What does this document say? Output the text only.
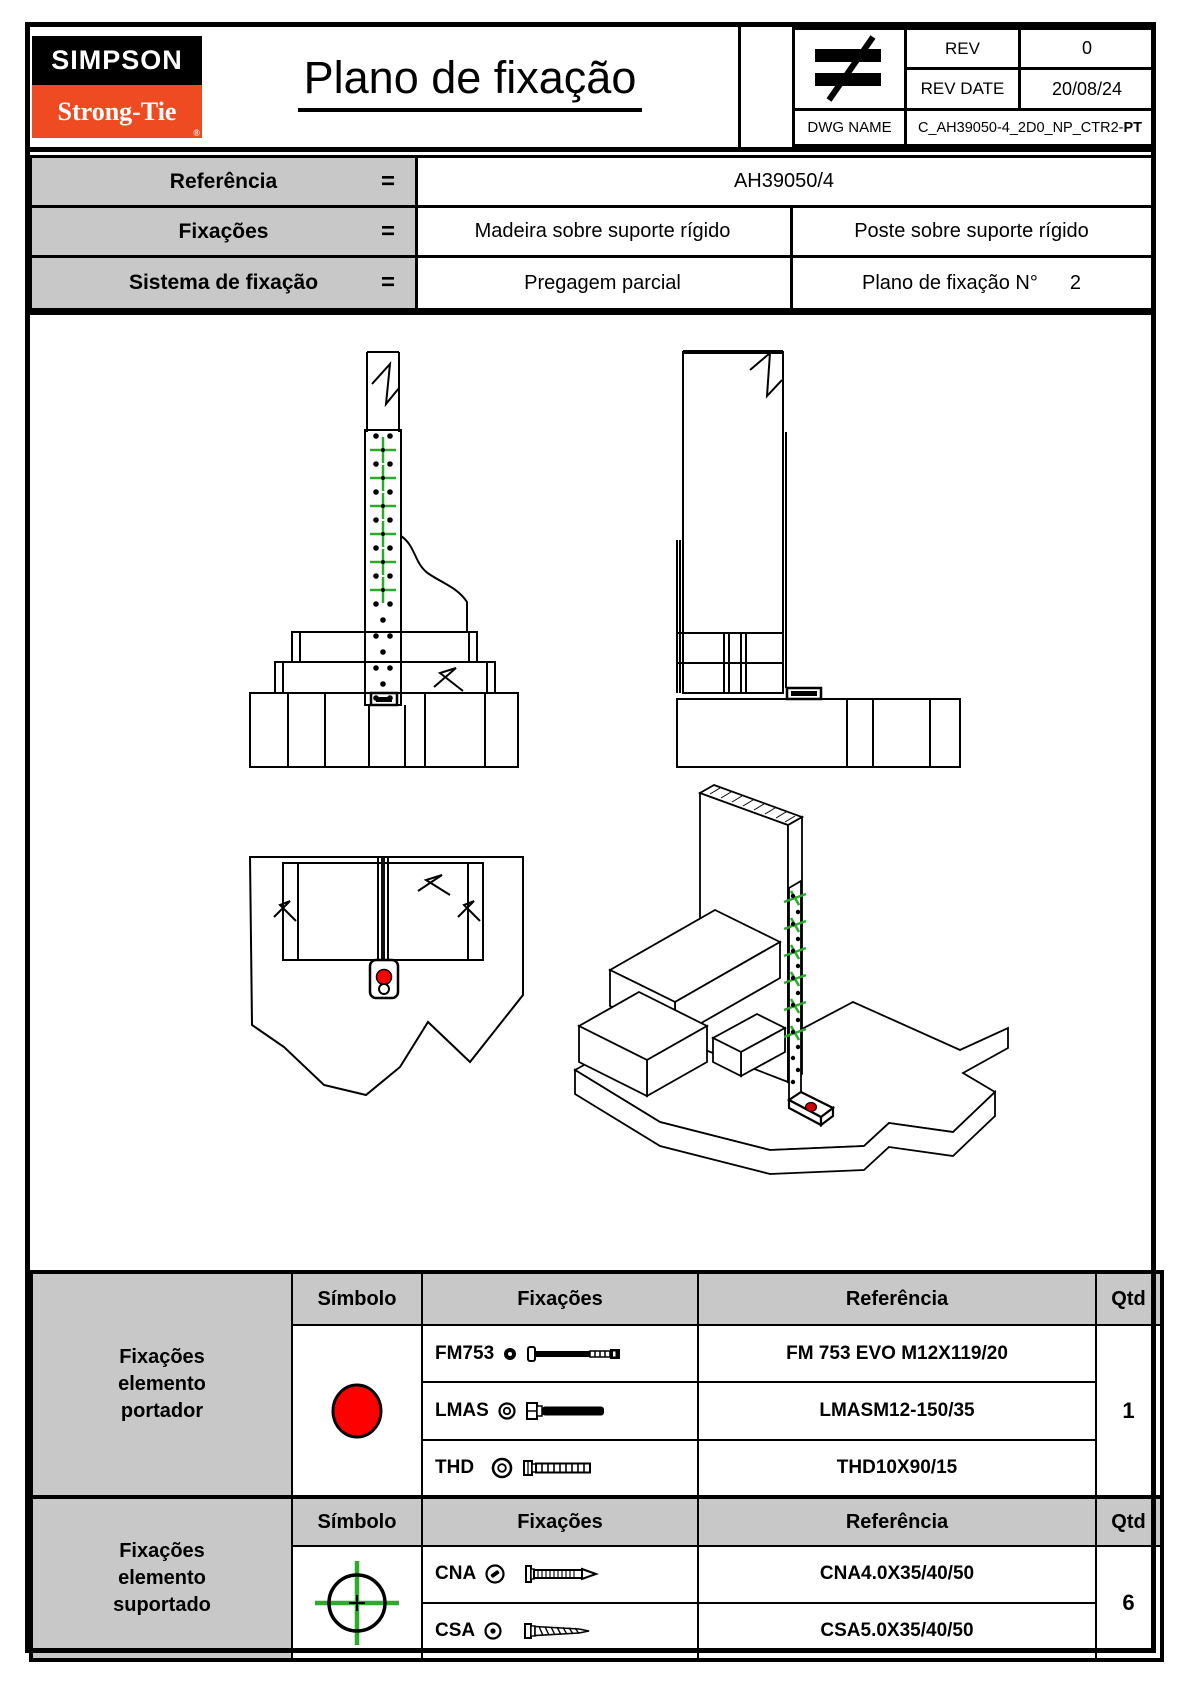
SIMPSON
Strong-Tie
®
Plano de fixação
REV	0
REV DATE	20/08/24
DWG NAME C_AH39050-4_2D0_NP_CTR2- PT
Referência	=	AH39050/4
Fixações	=	Madeira sobre suporte rígido	Poste sobre suporte rígido
Sistema de fixação	=	Pregagem parcial	Plano de fixação N° 2
Fixações elemento portador
Símbolo	Fixações	Referência	Qtd
FM753	FM 753 EVO M12X119/20
LMAS	LMASM12-150/35
THD	THD10X90/15
1
Fixações elemento suportado
Símbolo	Fixações	Referência	Qtd
CNA	CNA4.0X35/40/50
CSA	CSA5.0X35/40/50
6
